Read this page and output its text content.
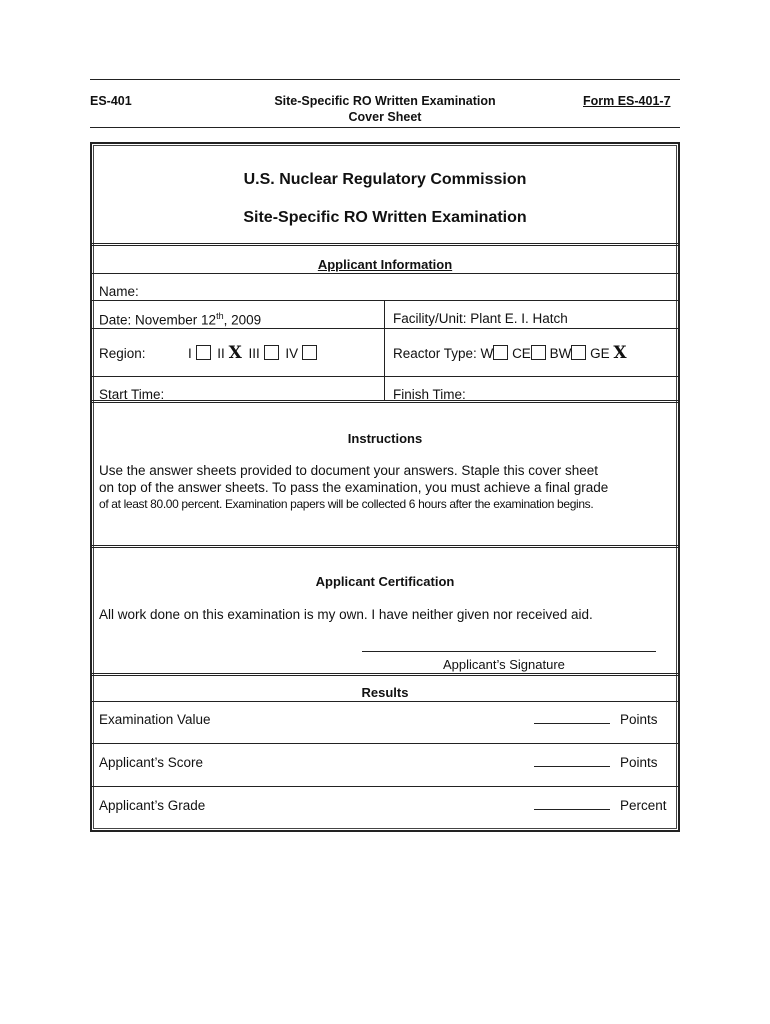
ES-401	Site-Specific RO Written Examination
Cover Sheet
Form ES-401-7
U.S. Nuclear Regulatory Commission
Site-Specific RO Written Examination
Applicant Information
Name:
Date: November 12th, 2009	Facility/Unit: Plant E. I. Hatch
Region:	I II X III IV	Reactor Type: W CE BW GE X
Start Time:	Finish Time:
Instructions
Use the answer sheets provided to document your answers. Staple this cover sheet
on top of the answer sheets. To pass the examination, you must achieve a final grade
of at least 80.00 percent. Examination papers will be collected 6 hours after the examination begins.
Applicant Certification
All work done on this examination is my own. I have neither given nor received aid.
Applicant’s Signature
Results
Examination Value	Points
Applicant’s Score	Points
Applicant’s Grade	Percent
